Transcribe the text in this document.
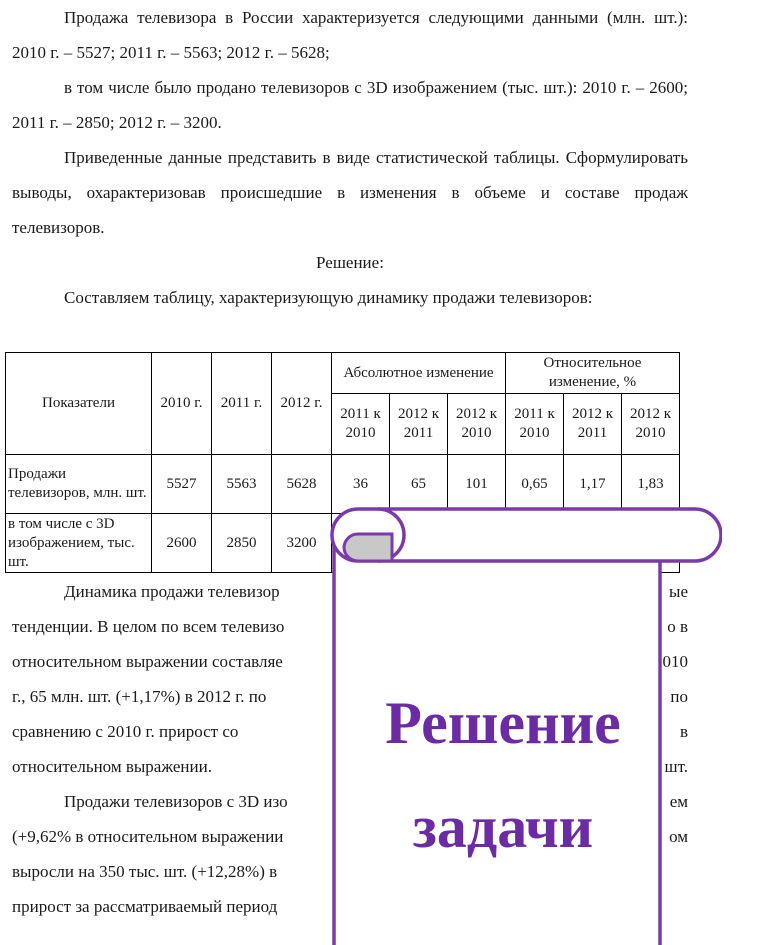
Продажа телевизора в России характеризуется следующими данными (млн. шт.): 2010 г. – 5527; 2011 г. – 5563; 2012 г. – 5628;

в том числе было продано телевизоров с 3D изображением (тыс. шт.): 2010 г. – 2600; 2011 г. – 2850; 2012 г. – 3200.

Приведенные данные представить в виде статистической таблицы. Сформулировать выводы, охарактеризовав происшедшие в изменения в объеме и составе продаж телевизоров.

Решение:

Составляем таблицу, характеризующую динамику продажи телевизоров:

Показатели	2010 г.	2011 г.	2012 г.	Абсолютное изменение			Относительное изменение, %		
				2011 к 2010	2012 к 2011	2012 к 2010	2011 к 2010	2012 к 2011	2012 к 2010
Продажи телевизоров, млн. шт.	5527	5563	5628	36	65	101	0,65	1,17	1,83
в том числе с 3D изображением, тыс. шт.	2600	2850	3200						

Динамика продажи телевизор

тенденции. В целом по всем телевизо

относительном выражении составляе

г., 65 млн. шт. (+1,17%) в 2012 г. по

сравнению с 2010 г. прирост со

относительном выражении.

Продажи телевизоров с 3D изо

(+9,62% в относительном выражении

выросли на 350 тыс. шт. (+12,28%) в

прирост за рассматриваемый период

ые

о в

010

по

в

шт.

ем

ом

Решение
задачи
